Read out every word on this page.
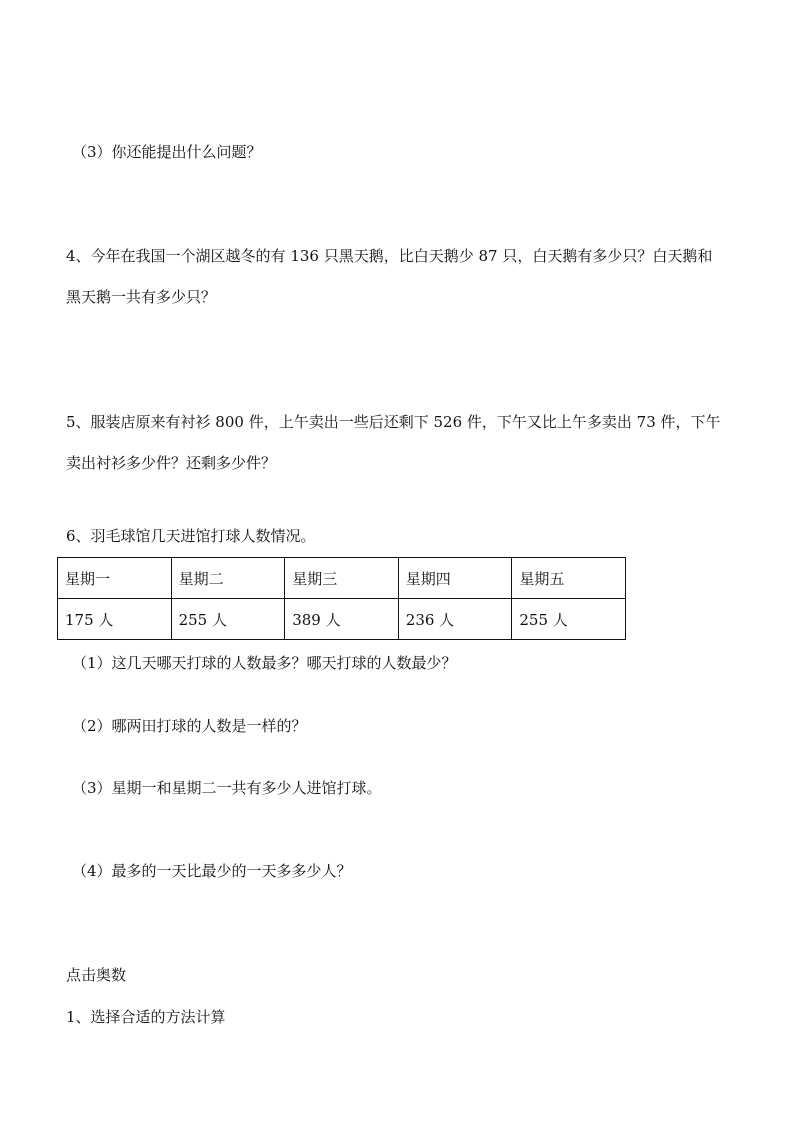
（3）你还能提出什么问题？
4、今年在我国一个湖区越冬的有 136 只黑天鹅，比白天鹅少 87 只，白天鹅有多少只？白天鹅和
黑天鹅一共有多少只？
5、服装店原来有衬衫 800 件，上午卖出一些后还剩下 526 件，下午又比上午多卖出 73 件，下午
卖出衬衫多少件？还剩多少件？
6、羽毛球馆几天进馆打球人数情况。
星期一	星期二	星期三	星期四	星期五
175 人	255 人	389 人	236 人	255 人
（1）这几天哪天打球的人数最多？哪天打球的人数最少？
（2）哪两田打球的人数是一样的？
（3）星期一和星期二一共有多少人进馆打球。
（4）最多的一天比最少的一天多多少人？
点击奥数
1、选择合适的方法计算
